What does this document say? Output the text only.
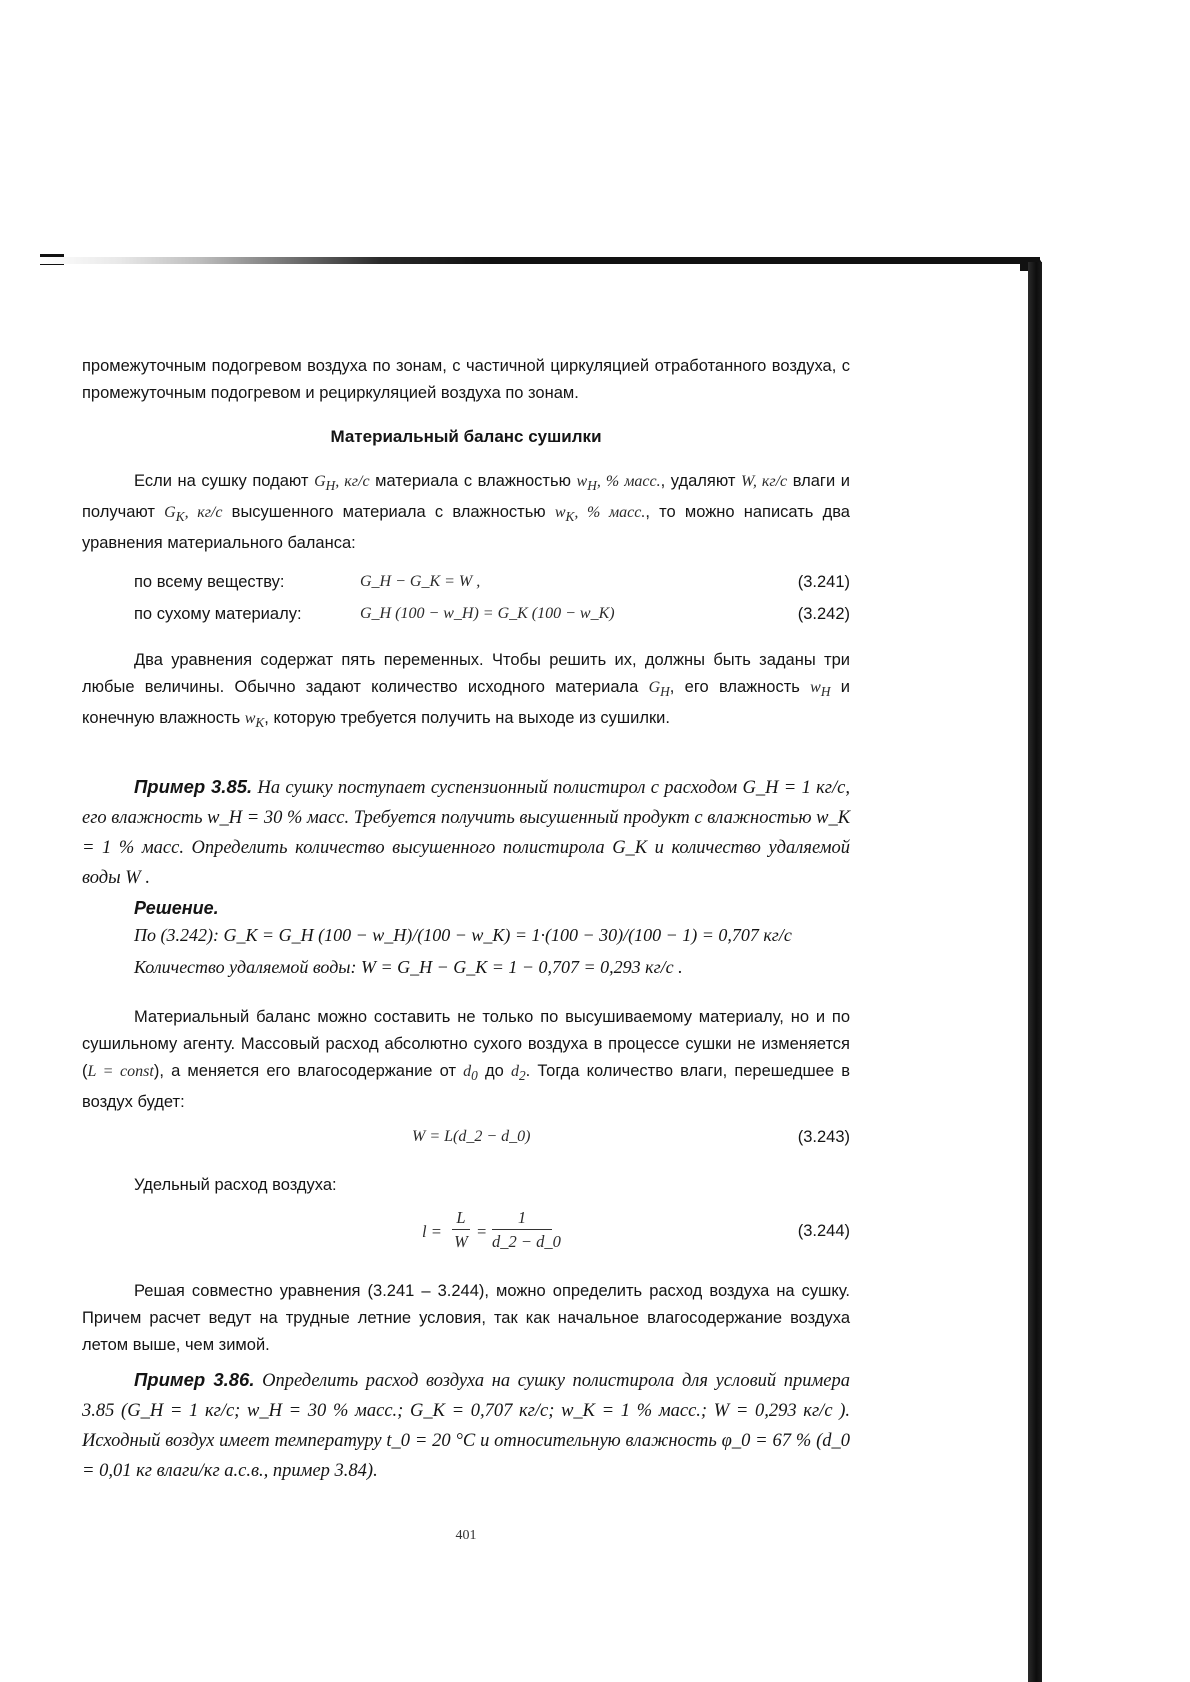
промежуточным подогревом воздуха по зонам, с частичной циркуляцией отработанного воздуха, с промежуточным подогревом и рециркуляцией воздуха по зонам.

Материальный баланс сушилки

Если на сушку подают $G_Н$, кг/с материала с влажностью $w_Н$, % масс., удаляют W, кг/с влаги и получают $G_К$, кг/с высушенного материала с влажностью $w_К$, % масс., то можно написать два уравнения материального баланса:

по всему веществу:	G_Н − G_К = W ,	(3.241)
по сухому материалу:	G_Н (100 − w_Н) = G_К (100 − w_К)	(3.242)

Два уравнения содержат пять переменных. Чтобы решить их, должны быть заданы три любые величины. Обычно задают количество исходного материала $G_Н$, его влажность $w_Н$ и конечную влажность $w_К$, которую требуется получить на выходе из сушилки.

Пример 3.85. На сушку поступает суспензионный полистирол с расходом G_Н = 1 кг/с, его влажность w_Н = 30 % масс. Требуется получить высушенный продукт с влажностью w_К = 1 % масс. Определить количество высушенного полистирола G_К и количество удаляемой воды W .

Решение.
По (3.242): G_К = G_Н (100 − w_Н)/(100 − w_К) = 1·(100 − 30)/(100 − 1) = 0,707 кг/с
Количество удаляемой воды: W = G_Н − G_К = 1 − 0,707 = 0,293 кг/с .

Материальный баланс можно составить не только по высушиваемому материалу, но и по сушильному агенту. Массовый расход абсолютно сухого воздуха в процессе сушки не изменяется (L = const), а меняется его влагосодержание от $d_0$ до $d_2$. Тогда количество влаги, перешедшее в воздух будет:

W = L(d_2 − d_0)	(3.243)

Удельный расход воздуха:

l =
L
W
=
1
d_2 − d_0
(3.244)

Решая совместно уравнения (3.241 – 3.244), можно определить расход воздуха на сушку. Причем расчет ведут на трудные летние условия, так как начальное влагосодержание воздуха летом выше, чем зимой.

Пример 3.86. Определить расход воздуха на сушку полистирола для условий примера 3.85 (G_Н = 1 кг/с; w_Н = 30 % масс.; G_К = 0,707 кг/с; w_К = 1 % масс.; W = 0,293 кг/с ). Исходный воздух имеет температуру t_0 = 20 °C и относительную влажность φ_0 = 67 % (d_0 = 0,01 кг влаги/кг а.с.в., пример 3.84).

401
